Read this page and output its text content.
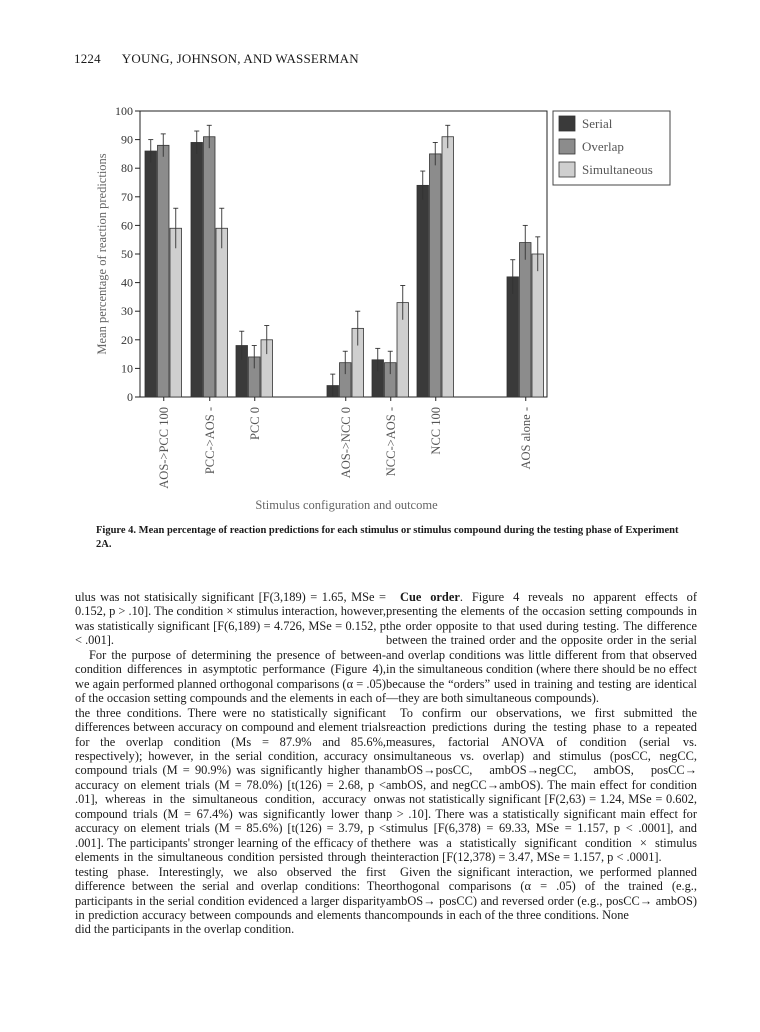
1224 YOUNG, JOHNSON, AND WASSERMAN
0
10
20
30
40
50
60
70
80
90
100
Mean percentage of reaction predictions
Stimulus configuration and outcome
AOS->PCC 100	PCC->AOS - PCC 0	AOS->NCC 0 NCC->AOS - NCC 100	AOS alone -
Serial
Overlap
Simultaneous
Figure 4. Mean percentage of reaction predictions for each stimulus or stimulus compound during the testing phase of Experiment 2A.

ulus was not statisically significant [F(3,189) = 1.65, MSe = 0.152, p > .10]. The condition × stimulus interaction, however, was statistically significant [F(6,189) = 4.726, MSe = 0.152, p < .001].

For the purpose of determining the presence of between-condition differences in asymptotic performance (Figure 4), we again performed planned orthogonal comparisons (α = .05) of the occasion setting compounds and the elements in each of the three conditions. There were no statistically significant differences between accuracy on compound and element trials for the overlap condition (Ms = 87.9% and 85.6%, respectively); however, in the serial condition, accuracy on compound trials (M = 90.9%) was significantly higher than accuracy on element trials (M = 78.0%) [t(126) = 2.68, p < .01], whereas in the simultaneous condition, accuracy on compound trials (M = 67.4%) was significantly lower than accuracy on element trials (M = 85.6%) [t(126) = 3.79, p < .001]. The participants' stronger learning of the efficacy of the elements in the simultaneous condition persisted through the testing phase. Interestingly, we also observed the first difference between the serial and overlap conditions: The participants in the serial condition evidenced a larger disparity in prediction accuracy between compounds and elements than did the participants in the overlap condition.

Cue order. Figure 4 reveals no apparent effects of presenting the elements of the occasion setting compounds in the order opposite to that used during testing. The difference between the trained order and the opposite order in the serial and overlap conditions was little different from that observed in the simultaneous condition (where there should be no effect because the “orders” used in training and testing are identical—they are both simultaneous compounds).

To confirm our observations, we first submitted the reaction predictions during the testing phase to a repeated measures, factorial ANOVA of condition (serial vs. simultaneous vs. overlap) and stimulus (posCC, negCC, ambOS→posCC, ambOS→negCC, ambOS, posCC→ ambOS, and negCC→ambOS). The main effect for condition was not statistically significant [F(2,63) = 1.24, MSe = 0.602, p > .10]. There was a statistically significant main effect for stimulus [F(6,378) = 69.33, MSe = 1.157, p < .0001], and there was a statistically significant condition × stimulus interaction [F(12,378) = 3.47, MSe = 1.157, p < .0001].

Given the significant interaction, we performed planned orthogonal comparisons (α = .05) of the trained (e.g., ambOS→ posCC) and reversed order (e.g., posCC→ ambOS) compounds in each of the three conditions. None
